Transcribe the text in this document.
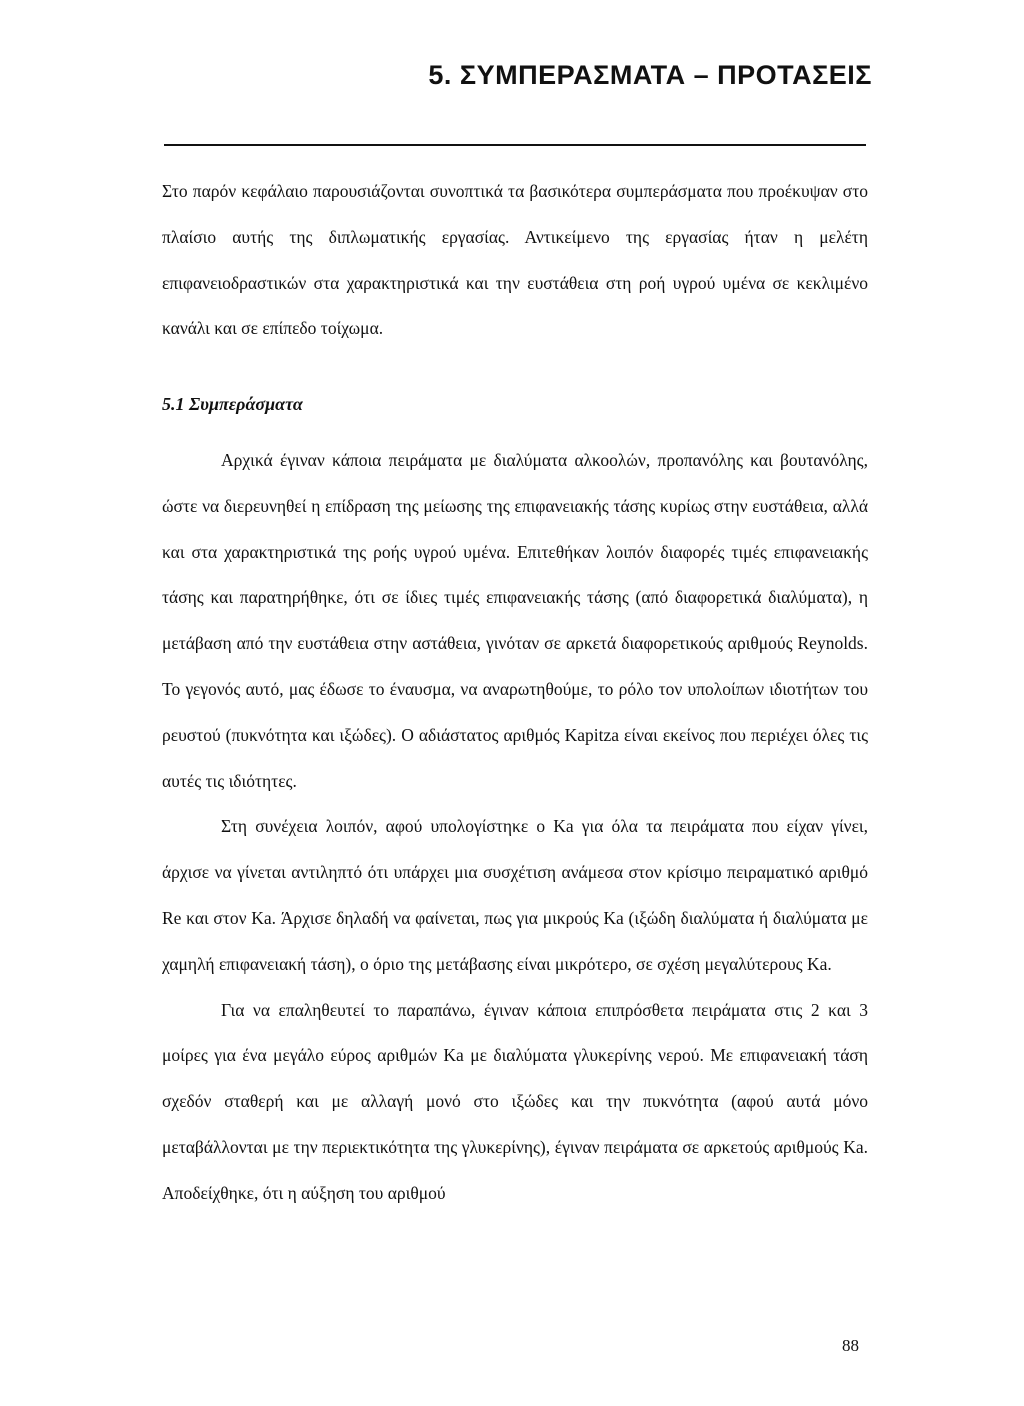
5. ΣΥΜΠΕΡΑΣΜΑΤΑ – ΠΡΟΤΑΣΕΙΣ

Στο παρόν κεφάλαιο παρουσιάζονται συνοπτικά τα βασικότερα συμπεράσματα που προέκυψαν στο πλαίσιο αυτής της διπλωματικής εργασίας. Αντικείμενο της εργασίας ήταν η μελέτη επιφανειοδραστικών στα χαρακτηριστικά και την ευστάθεια στη ροή υγρού υμένα σε κεκλιμένο κανάλι και σε επίπεδο τοίχωμα.

5.1 Συμπεράσματα

Αρχικά έγιναν κάποια πειράματα με διαλύματα αλκοολών, προπανόλης και βουτανόλης, ώστε να διερευνηθεί η επίδραση της μείωσης της επιφανειακής τάσης κυρίως στην ευστάθεια, αλλά και στα χαρακτηριστικά της ροής υγρού υμένα. Επιτεθήκαν λοιπόν διαφορές τιμές επιφανειακής τάσης και παρατηρήθηκε, ότι σε ίδιες τιμές επιφανειακής τάσης (από διαφορετικά διαλύματα), η μετάβαση από την ευστάθεια στην αστάθεια, γινόταν σε αρκετά διαφορετικούς αριθμούς Reynolds. Το γεγονός αυτό, μας έδωσε το έναυσμα, να αναρωτηθούμε, το ρόλο τον υπολοίπων ιδιοτήτων του ρευστού (πυκνότητα και ιξώδες). Ο αδιάστατος αριθμός Kapitza είναι εκείνος που περιέχει όλες τις αυτές τις ιδιότητες.

Στη συνέχεια λοιπόν, αφού υπολογίστηκε ο Ka για όλα τα πειράματα που είχαν γίνει, άρχισε να γίνεται αντιληπτό ότι υπάρχει μια συσχέτιση ανάμεσα στον κρίσιμο πειραματικό αριθμό Re και στον Ka. Άρχισε δηλαδή να φαίνεται, πως για μικρούς Ka (ιξώδη διαλύματα ή διαλύματα με χαμηλή επιφανειακή τάση), ο όριο της μετάβασης είναι μικρότερο, σε σχέση μεγαλύτερους Ka.

Για να επαληθευτεί το παραπάνω, έγιναν κάποια επιπρόσθετα πειράματα στις 2 και 3 μοίρες για ένα μεγάλο εύρος αριθμών Ka με διαλύματα γλυκερίνης νερού. Με επιφανειακή τάση σχεδόν σταθερή και με αλλαγή μονό στο ιξώδες και την πυκνότητα (αφού αυτά μόνο μεταβάλλονται με την περιεκτικότητα της γλυκερίνης), έγιναν πειράματα σε αρκετούς αριθμούς Ka. Αποδείχθηκε, ότι η αύξηση του αριθμού

88
